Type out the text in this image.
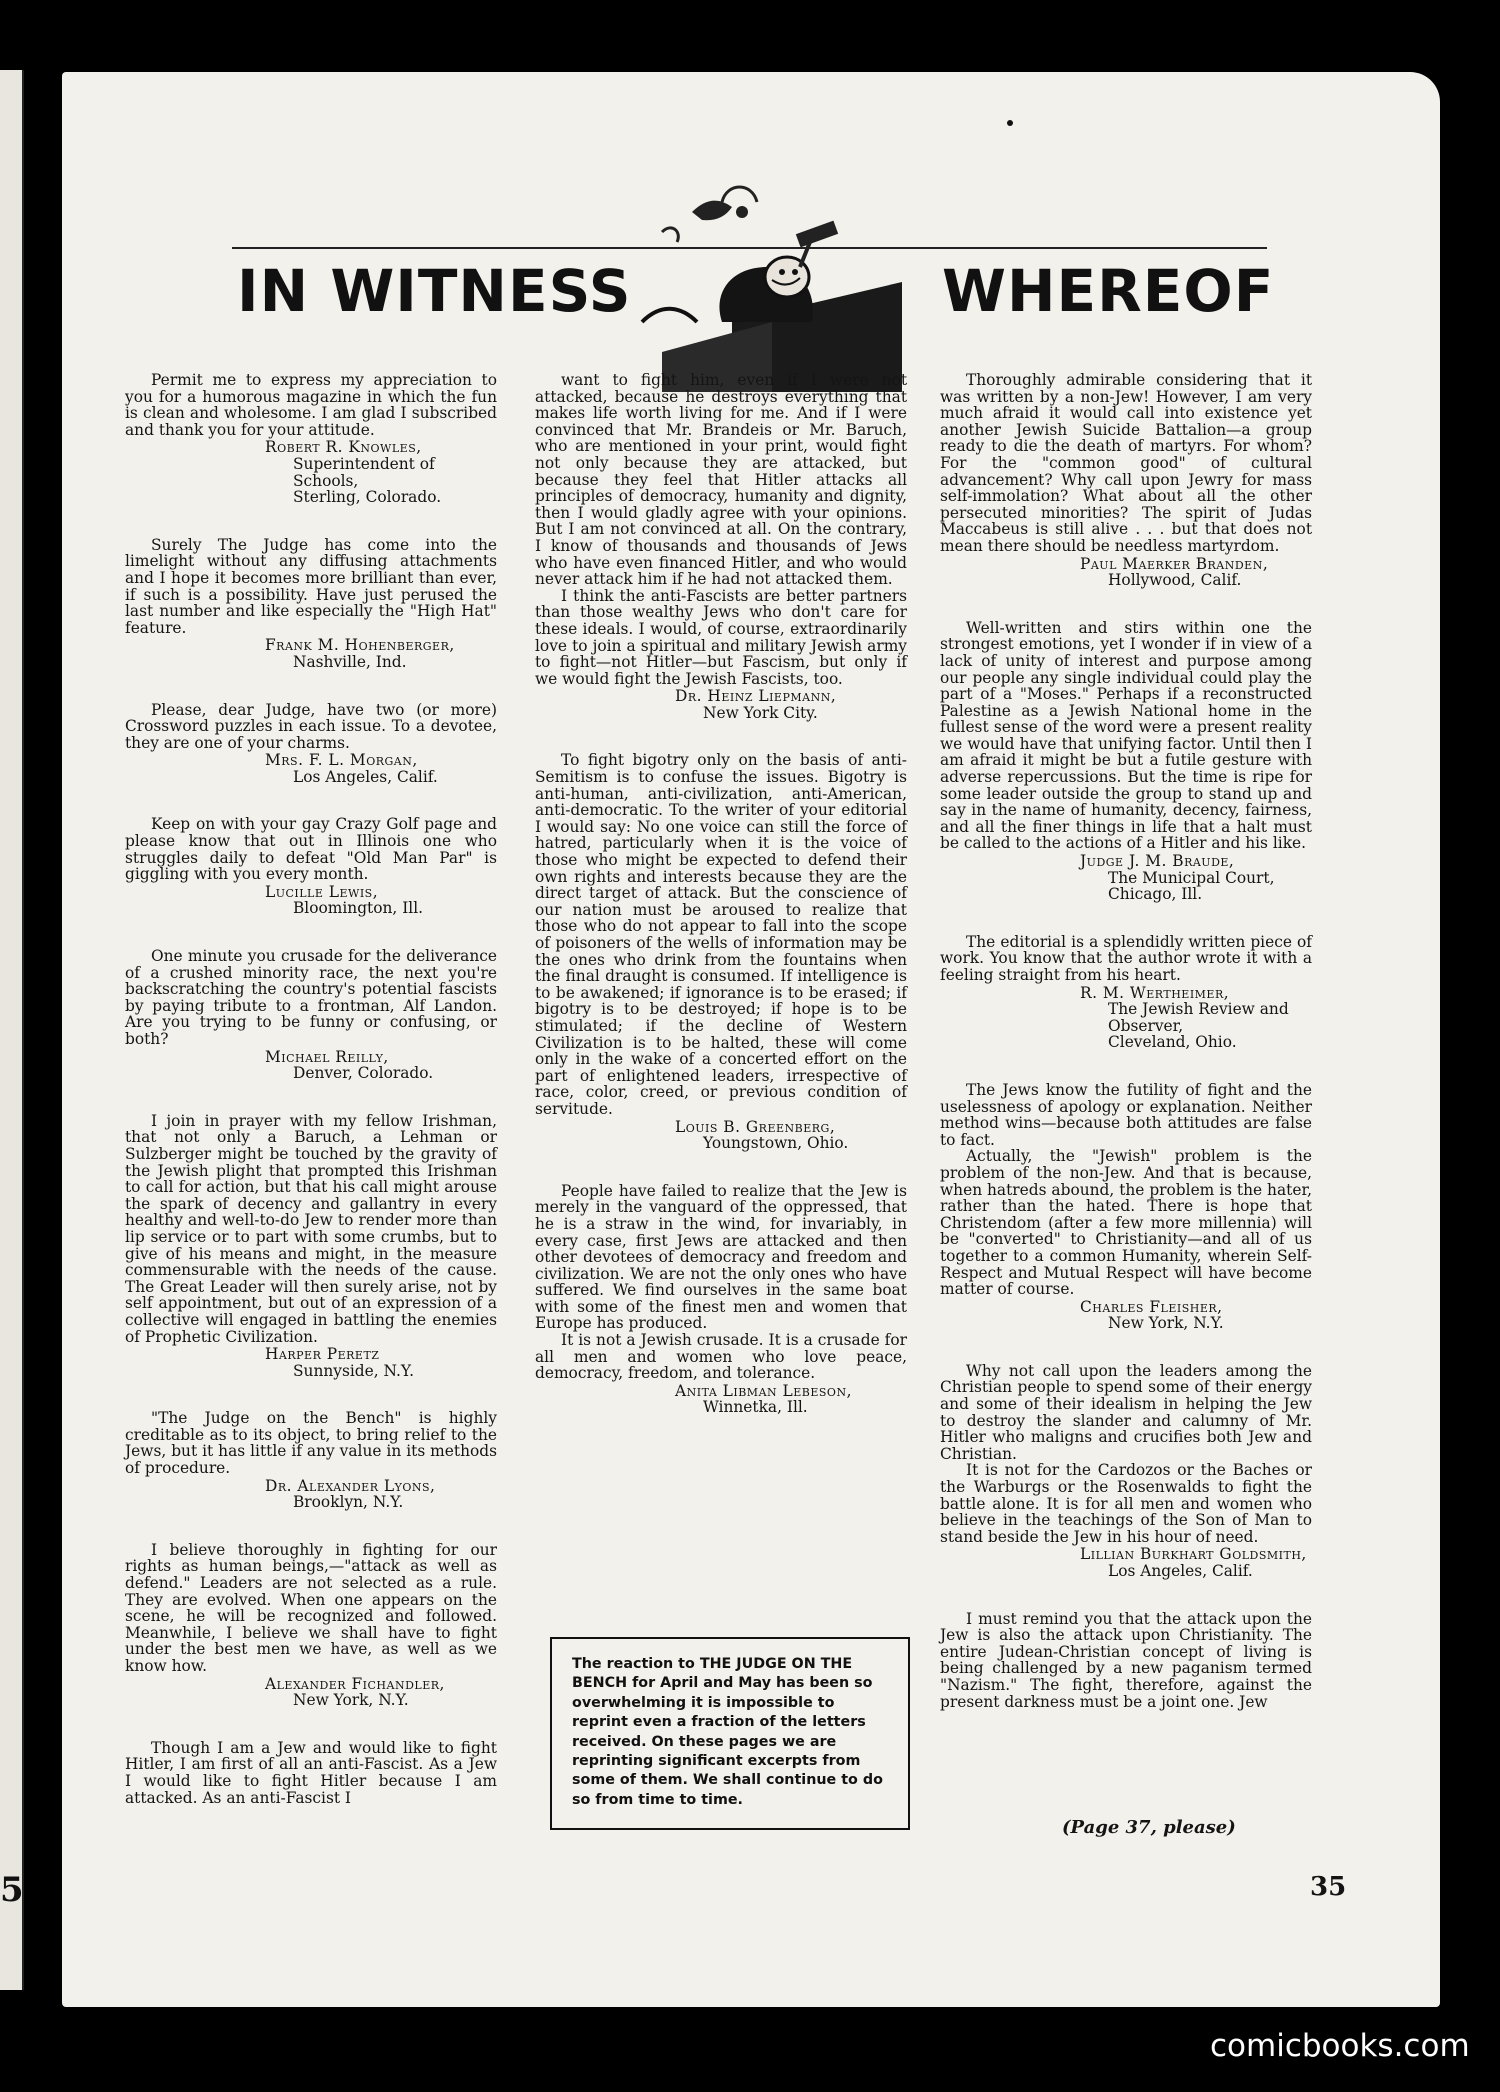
5
IN WITNESS	WHEREOF

Permit me to express my appreciation to you for a humorous magazine in which the fun is clean and wholesome. I am glad I subscribed and thank you for your attitude.

Robert R. Knowles,
Superintendent of Schools,
Sterling, Colorado.

Surely The Judge has come into the limelight without any diffusing attachments and I hope it becomes more brilliant than ever, if such is a possibility. Have just perused the last number and like especially the "High Hat" feature.

Frank M. Hohenberger,
Nashville, Ind.

Please, dear Judge, have two (or more) Crossword puzzles in each issue. To a devotee, they are one of your charms.

Mrs. F. L. Morgan,
Los Angeles, Calif.

Keep on with your gay Crazy Golf page and please know that out in Illinois one who struggles daily to defeat "Old Man Par" is giggling with you every month.

Lucille Lewis,
Bloomington, Ill.

One minute you crusade for the deliverance of a crushed minority race, the next you're backscratching the country's potential fascists by paying tribute to a frontman, Alf Landon. Are you trying to be funny or confusing, or both?

Michael Reilly,
Denver, Colorado.

I join in prayer with my fellow Irishman, that not only a Baruch, a Lehman or Sulzberger might be touched by the gravity of the Jewish plight that prompted this Irishman to call for action, but that his call might arouse the spark of decency and gallantry in every healthy and well-to-do Jew to render more than lip service or to part with some crumbs, but to give of his means and might, in the measure commensurable with the needs of the cause. The Great Leader will then surely arise, not by self appointment, but out of an expression of a collective will engaged in battling the enemies of Prophetic Civilization.

Harper Peretz
Sunnyside, N.Y.

"The Judge on the Bench" is highly creditable as to its object, to bring relief to the Jews, but it has little if any value in its methods of procedure.

Dr. Alexander Lyons,
Brooklyn, N.Y.

I believe thoroughly in fighting for our rights as human beings,—"attack as well as defend." Leaders are not selected as a rule. They are evolved. When one appears on the scene, he will be recognized and followed. Meanwhile, I believe we shall have to fight under the best men we have, as well as we know how.

Alexander Fichandler,
New York, N.Y.

Though I am a Jew and would like to fight Hitler, I am first of all an anti-Fascist. As a Jew I would like to fight Hitler because I am attacked. As an anti-Fascist I

want to fight him, even if I were not attacked, because he destroys everything that makes life worth living for me. And if I were convinced that Mr. Brandeis or Mr. Baruch, who are mentioned in your print, would fight not only because they are attacked, but because they feel that Hitler attacks all principles of democracy, humanity and dignity, then I would gladly agree with your opinions. But I am not convinced at all. On the contrary, I know of thousands and thousands of Jews who have even financed Hitler, and who would never attack him if he had not attacked them.

I think the anti-Fascists are better partners than those wealthy Jews who don't care for these ideals. I would, of course, extraordinarily love to join a spiritual and military Jewish army to fight—not Hitler—but Fascism, but only if we would fight the Jewish Fascists, too.

Dr. Heinz Liepmann,
New York City.

To fight bigotry only on the basis of anti-Semitism is to confuse the issues. Bigotry is anti-human, anti-civilization, anti-American, anti-democratic. To the writer of your editorial I would say: No one voice can still the force of hatred, particularly when it is the voice of those who might be expected to defend their own rights and interests because they are the direct target of attack. But the conscience of our nation must be aroused to realize that those who do not appear to fall into the scope of poisoners of the wells of information may be the ones who drink from the fountains when the final draught is consumed. If intelligence is to be awakened; if ignorance is to be erased; if bigotry is to be destroyed; if hope is to be stimulated; if the decline of Western Civilization is to be halted, these will come only in the wake of a concerted effort on the part of enlightened leaders, irrespective of race, color, creed, or previous condition of servitude.

Louis B. Greenberg,
Youngstown, Ohio.

People have failed to realize that the Jew is merely in the vanguard of the oppressed, that he is a straw in the wind, for invariably, in every case, first Jews are attacked and then other devotees of democracy and freedom and civilization. We are not the only ones who have suffered. We find ourselves in the same boat with some of the finest men and women that Europe has produced.

It is not a Jewish crusade. It is a crusade for all men and women who love peace, democracy, freedom, and tolerance.

Anita Libman Lebeson,
Winnetka, Ill.

Thoroughly admirable considering that it was written by a non-Jew! However, I am very much afraid it would call into existence yet another Jewish Suicide Battalion—a group ready to die the death of martyrs. For whom? For the "common good" of cultural advancement? Why call upon Jewry for mass self-immolation? What about all the other persecuted minorities? The spirit of Judas Maccabeus is still alive . . . but that does not mean there should be needless martyrdom.

Paul Maerker Branden,
Hollywood, Calif.

Well-written and stirs within one the strongest emotions, yet I wonder if in view of a lack of unity of interest and purpose among our people any single individual could play the part of a "Moses." Perhaps if a reconstructed Palestine as a Jewish National home in the fullest sense of the word were a present reality we would have that unifying factor. Until then I am afraid it might be but a futile gesture with adverse repercussions. But the time is ripe for some leader outside the group to stand up and say in the name of humanity, decency, fairness, and all the finer things in life that a halt must be called to the actions of a Hitler and his like.

Judge J. M. Braude,
The Municipal Court,
Chicago, Ill.

The editorial is a splendidly written piece of work. You know that the author wrote it with a feeling straight from his heart.

R. M. Wertheimer,
The Jewish Review and Observer,
Cleveland, Ohio.

The Jews know the futility of fight and the uselessness of apology or explanation. Neither method wins—because both attitudes are false to fact.

Actually, the "Jewish" problem is the problem of the non-Jew. And that is because, when hatreds abound, the problem is the hater, rather than the hated. There is hope that Christendom (after a few more millennia) will be "converted" to Christianity—and all of us together to a common Humanity, wherein Self-Respect and Mutual Respect will have become matter of course.

Charles Fleisher,
New York, N.Y.

Why not call upon the leaders among the Christian people to spend some of their energy and some of their idealism in helping the Jew to destroy the slander and calumny of Mr. Hitler who maligns and crucifies both Jew and Christian.

It is not for the Cardozos or the Baches or the Warburgs or the Rosenwalds to fight the battle alone. It is for all men and women who believe in the teachings of the Son of Man to stand beside the Jew in his hour of need.

Lillian Burkhart Goldsmith,
Los Angeles, Calif.

I must remind you that the attack upon the Jew is also the attack upon Christianity. The entire Judean-Christian concept of living is being challenged by a new paganism termed "Nazism." The fight, therefore, against the present darkness must be a joint one. Jew

The reaction to THE JUDGE ON THE BENCH for April and May has been so overwhelming it is impossible to reprint even a fraction of the letters received. On these pages we are reprinting significant excerpts from some of them. We shall continue to do so from time to time.
(Page 37, please)
35
comicbooks.com
